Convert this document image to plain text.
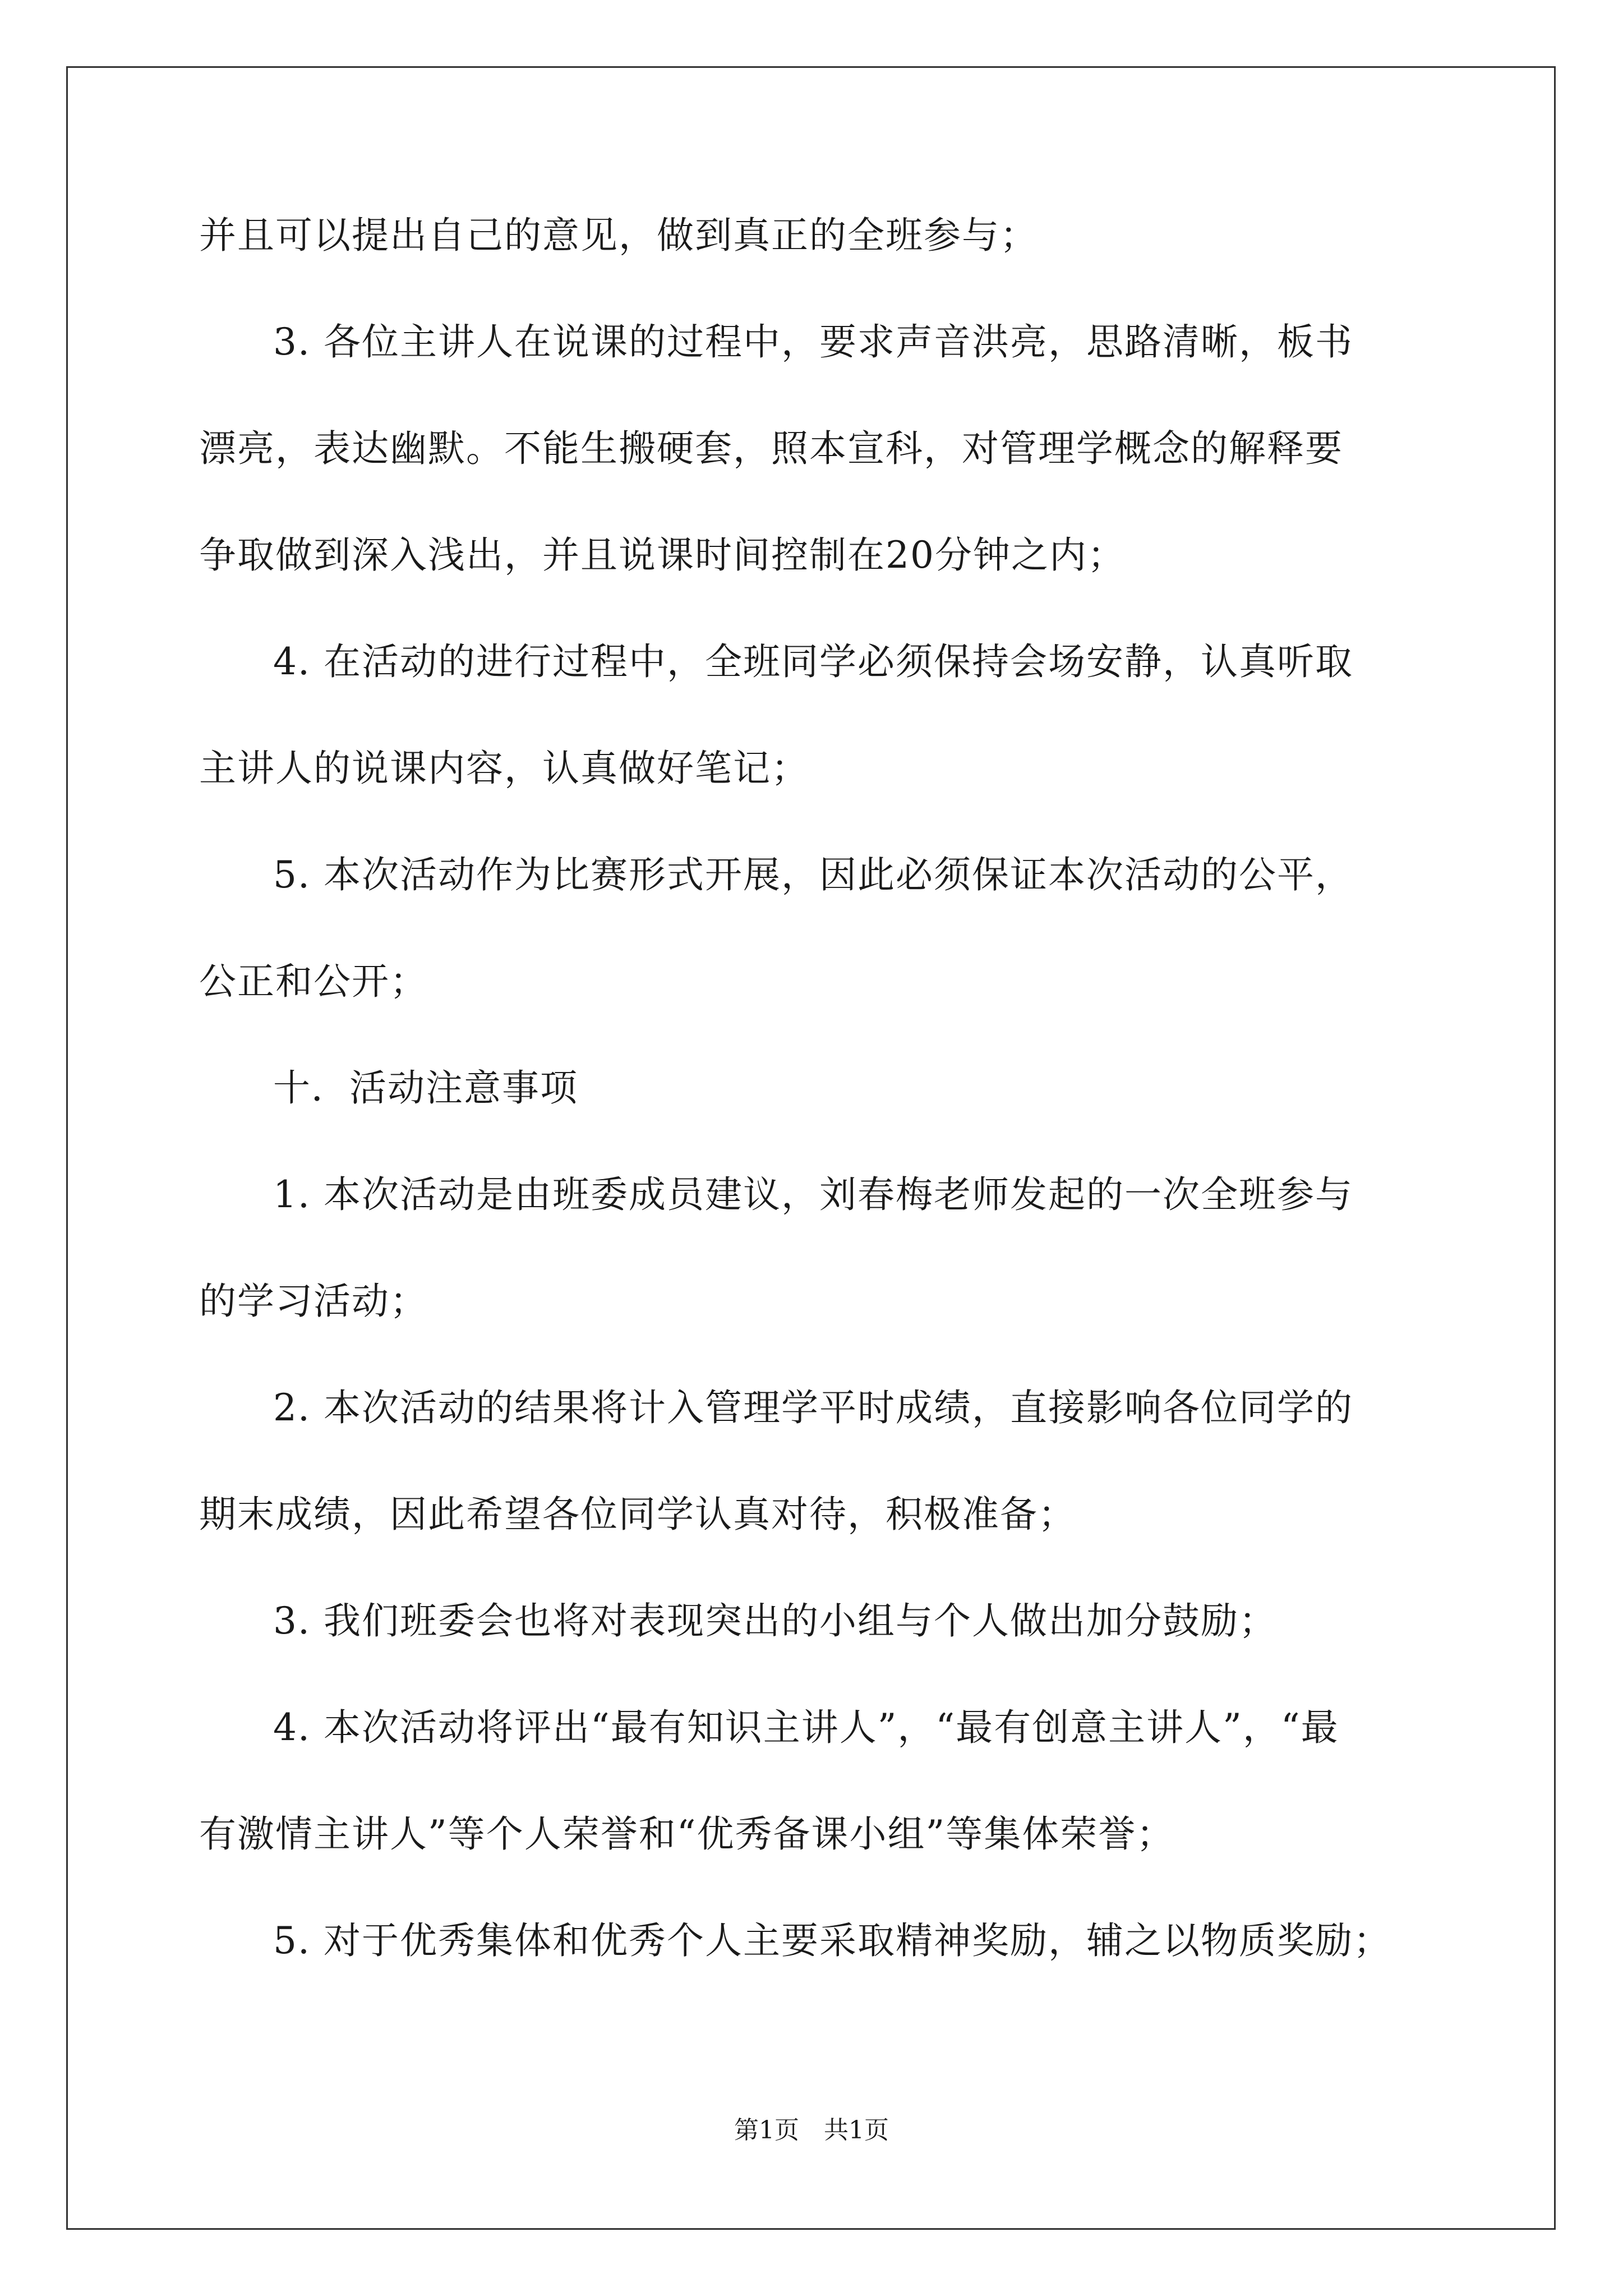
并且可以提出自己的意见，做到真正的全班参与；
3. 各位主讲人在说课的过程中，要求声音洪亮，思路清晰，板书
漂亮，表达幽默。不能生搬硬套，照本宣科，对管理学概念的解释要
争取做到深入浅出，并且说课时间控制在20分钟之内；
4. 在活动的进行过程中，全班同学必须保持会场安静，认真听取
主讲人的说课内容，认真做好笔记；
5. 本次活动作为比赛形式开展，因此必须保证本次活动的公平，
公正和公开；
十．活动注意事项
1. 本次活动是由班委成员建议，刘春梅老师发起的一次全班参与
的学习活动；
2. 本次活动的结果将计入管理学平时成绩，直接影响各位同学的
期末成绩，因此希望各位同学认真对待，积极准备；
3. 我们班委会也将对表现突出的小组与个人做出加分鼓励；
4. 本次活动将评出“最有知识主讲人”，“最有创意主讲人”，“最
有激情主讲人”等个人荣誉和“优秀备课小组”等集体荣誉；
5. 对于优秀集体和优秀个人主要采取精神奖励，辅之以物质奖励；
第1页　共1页
